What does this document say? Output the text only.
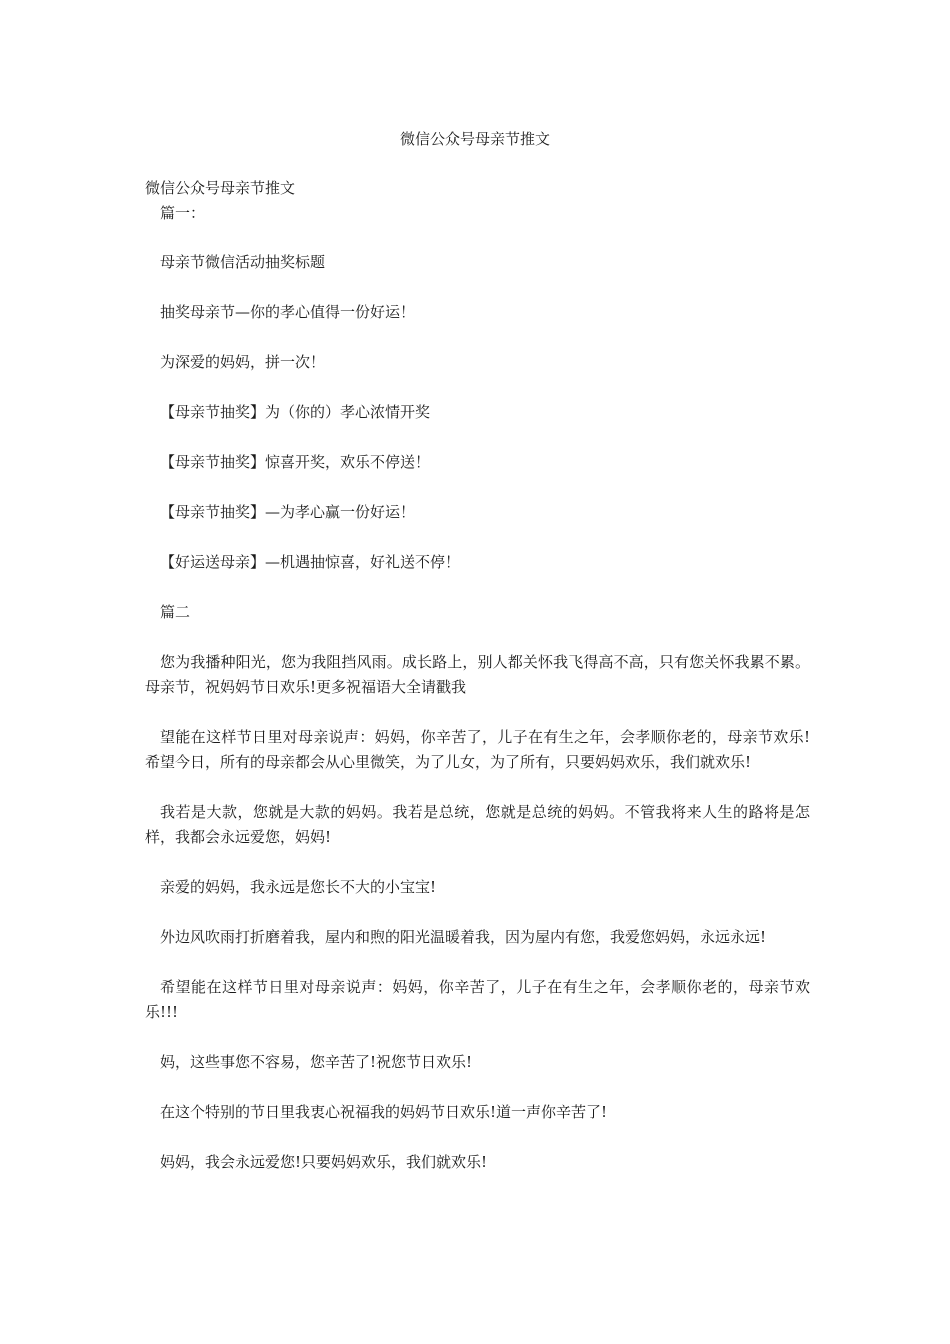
微信公众号母亲节推文
微信公众号母亲节推文

篇一：

母亲节微信活动抽奖标题

抽奖母亲节—你的孝心值得一份好运！

为深爱的妈妈，拼一次！

【母亲节抽奖】为（你的）孝心浓情开奖

【母亲节抽奖】惊喜开奖，欢乐不停送！

【母亲节抽奖】—为孝心赢一份好运！

【好运送母亲】—机遇抽惊喜，好礼送不停！

篇二

您为我播种阳光，您为我阻挡风雨。成长路上，别人都关怀我飞得高不高，只有您关怀我累不累。母亲节，祝妈妈节日欢乐!更多祝福语大全请戳我

望能在这样节日里对母亲说声：妈妈，你辛苦了，儿子在有生之年，会孝顺你老的，母亲节欢乐!希望今日，所有的母亲都会从心里微笑，为了儿女，为了所有，只要妈妈欢乐，我们就欢乐!

我若是大款，您就是大款的妈妈。我若是总统，您就是总统的妈妈。不管我将来人生的路将是怎样，我都会永远爱您，妈妈!

亲爱的妈妈，我永远是您长不大的小宝宝!

外边风吹雨打折磨着我，屋内和煦的阳光温暖着我，因为屋内有您，我爱您妈妈，永远永远!

希望能在这样节日里对母亲说声：妈妈，你辛苦了，儿子在有生之年，会孝顺你老的，母亲节欢乐!!!

妈，这些事您不容易，您辛苦了!祝您节日欢乐!

在这个特别的节日里我衷心祝福我的妈妈节日欢乐!道一声你辛苦了!

妈妈，我会永远爱您!只要妈妈欢乐，我们就欢乐!
